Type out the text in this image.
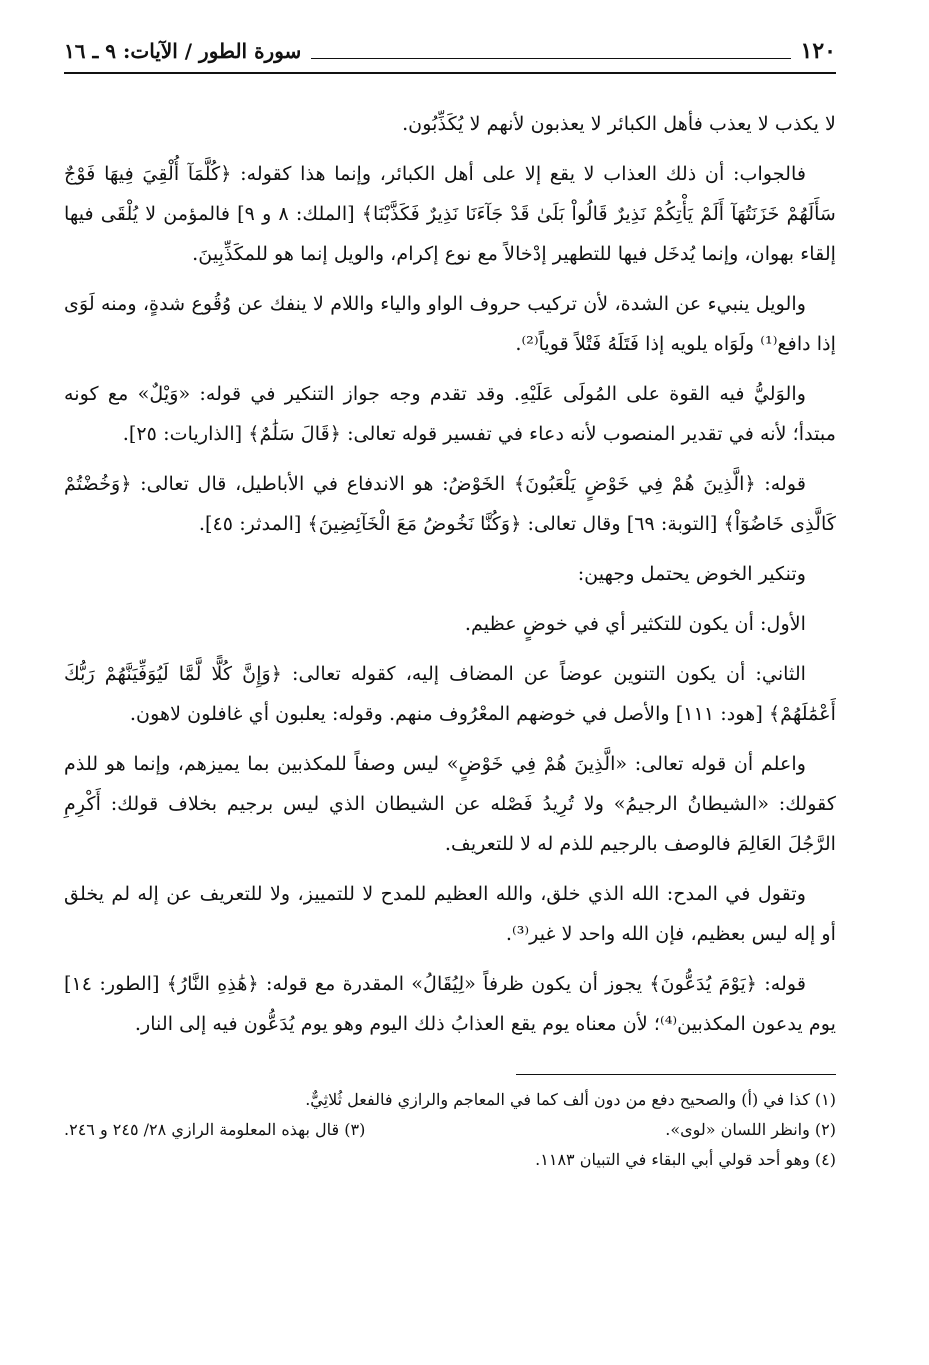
١٢٠
سورة الطور / الآيات: ٩ ـ ١٦

لا يكذب لا يعذب فأهل الكبائر لا يعذبون لأنهم لا يُكَذِّبُون.

فالجواب: أن ذلك العذاب لا يقع إلا على أهل الكبائر، وإنما هذا كقوله: ﴿كُلَّمَآ أُلْقِيَ فِيهَا فَوْجٌ سَأَلَهُمْ خَزَنَتُهَآ أَلَمْ يَأْتِكُمْ نَذِيرٌ قَالُواْ بَلَىٰ قَدْ جَآءَنَا نَذِيرٌ فَكَذَّبْنَا﴾ [الملك: ٨ و ٩] فالمؤمن لا يُلْقَى فيها إلقاء بهوان، وإنما يُدخَل فيها للتطهير إدْخالاً مع نوع إكرام، والويل إنما هو للمكَذِّبِينَ.

والويل ينبيء عن الشدة، لأن تركيب حروف الواو والياء واللام لا ينفك عن وُقُوع شدةٍ، ومنه لَوَى إذا دافع⁽¹⁾ ولَوَاه يلويه إذا فَتَلَهُ فَتْلاً قوياً⁽²⁾.

والوَليُّ فيه القوة على المُولَى عَلَيْهِ. وقد تقدم وجه جواز التنكير في قوله: «وَيْلٌ» مع كونه مبتدأ؛ لأنه في تقدير المنصوب لأنه دعاء في تفسير قوله تعالى: ﴿قَالَ سَلَٰمٌ﴾ [الذاريات: ٢٥].

قوله: ﴿الَّذِينَ هُمْ فِي خَوْضٍ يَلْعَبُونَ﴾ الخَوْضُ: هو الاندفاع في الأباطيل، قال تعالى: ﴿وَخُضْتُمْ كَالَّذِى خَاضُوٓاْ﴾ [التوبة: ٦٩] وقال تعالى: ﴿وَكُنَّا نَخُوضُ مَعَ الْخَآئِضِينَ﴾ [المدثر: ٤٥].

وتنكير الخوض يحتمل وجهين:

الأول: أن يكون للتكثير أي في خوضٍ عظيم.

الثاني: أن يكون التنوين عوضاً عن المضاف إليه، كقوله تعالى: ﴿وَإِنَّ كُلًّا لَّمَّا لَيُوَفِّيَنَّهُمْ رَبُّكَ أَعْمَٰلَهُمْ﴾ [هود: ١١١] والأصل في خوضهم المعْرُوف منهم. وقوله: يعلبون أي غافلون لاهون.

واعلم أن قوله تعالى: «الَّذِينَ هُمْ فِي خَوْضٍ» ليس وصفاً للمكذبين بما يميزهم، وإنما هو للذم كقولك: «الشيطانُ الرجيمُ» ولا تُرِيدُ فَصْله عن الشيطان الذي ليس برجيم بخلاف قولك: أَكْرِمِ الرَّجُلَ العَالِمَ فالوصف بالرجيم للذم له لا للتعريف.

وتقول في المدح: الله الذي خلق، والله العظيم للمدح لا للتمييز، ولا للتعريف عن إله لم يخلق أو إله ليس بعظيم، فإن الله واحد لا غير⁽³⁾.

قوله: ﴿يَوْمَ يُدَعُّونَ﴾ يجوز أن يكون ظرفاً «لِيُقَالُ» المقدرة مع قوله: ﴿هَٰذِهِ النَّارُ﴾ [الطور: ١٤] يوم يدعون المكذبين⁽⁴⁾؛ لأن معناه يوم يقع العذابُ ذلك اليوم وهو يوم يُدَعُّون فيه إلى النار.

(١) كذا في (أ) والصحيح دفع من دون ألف كما في المعاجم والرازي فالفعل ثُلاثِيٌّ.

(٢) وانظر اللسان «لوى».

(٣) قال بهذه المعلومة الرازي ٢٨/ ٢٤٥ و ٢٤٦.

(٤) وهو أحد قولي أبي البقاء في التبيان ١١٨٣.
